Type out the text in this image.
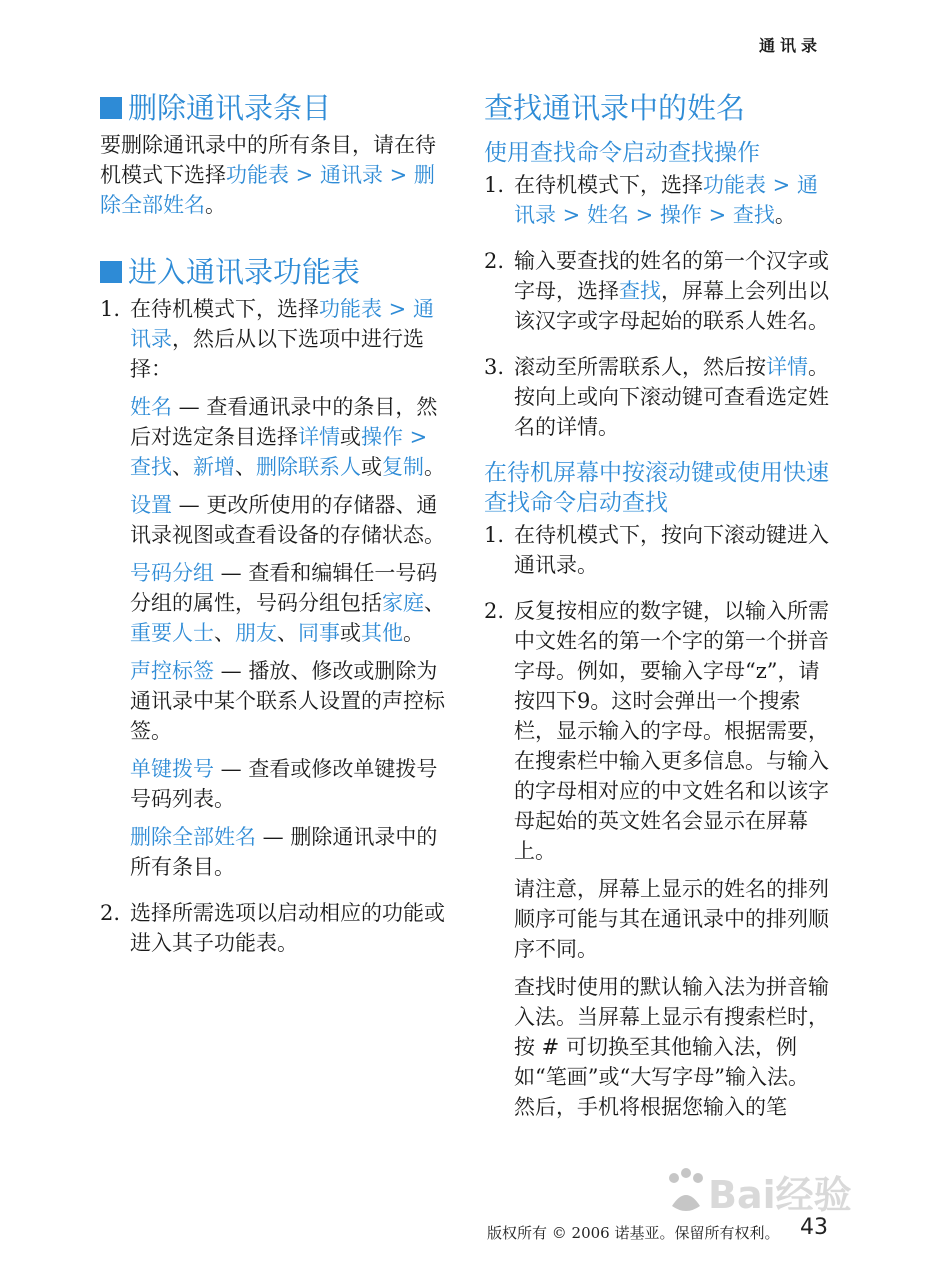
通讯录
删除通讯录条目

要删除通讯录中的所有条目，请在待机模式下选择功能表 > 通讯录 > 删除全部姓名。

进入通讯录功能表
1. 在待机模式下，选择功能表 > 通讯录，然后从以下选项中进行选择：

姓名 — 查看通讯录中的条目，然后对选定条目选择详情或操作 > 查找、新增、删除联系人或复制。

设置 — 更改所使用的存储器、通讯录视图或查看设备的存储状态。

号码分组 — 查看和编辑任一号码分组的属性，号码分组包括家庭、重要人士、朋友、同事或其他。

声控标签 — 播放、修改或删除为通讯录中某个联系人设置的声控标签。

单键拨号 — 查看或修改单键拨号号码列表。

删除全部姓名 — 删除通讯录中的所有条目。

2. 选择所需选项以启动相应的功能或进入其子功能表。
查找通讯录中的姓名
使用查找命令启动查找操作
1. 在待机模式下，选择功能表 > 通讯录 > 姓名 > 操作 > 查找。
2. 输入要查找的姓名的第一个汉字或字母，选择查找，屏幕上会列出以该汉字或字母起始的联系人姓名。
3. 滚动至所需联系人，然后按详情。按向上或向下滚动键可查看选定姓名的详情。
在待机屏幕中按滚动键或使用快速查找命令启动查找
1. 在待机模式下，按向下滚动键进入通讯录。
2. 反复按相应的数字键，以输入所需中文姓名的第一个字的第一个拼音字母。例如，要输入字母“z”，请按四下9。这时会弹出一个搜索栏，显示输入的字母。根据需要，在搜索栏中输入更多信息。与输入的字母相对应的中文姓名和以该字母起始的英文姓名会显示在屏幕上。

请注意，屏幕上显示的姓名的排列顺序可能与其在通讯录中的排列顺序不同。

查找时使用的默认输入法为拼音输入法。当屏幕上显示有搜索栏时，按 # 可切换至其他输入法，例如“笔画”或“大写字母”输入法。然后，手机将根据您输入的笔

Bai经验
版权所有 © 2006 诺基亚。保留所有权利。 43
